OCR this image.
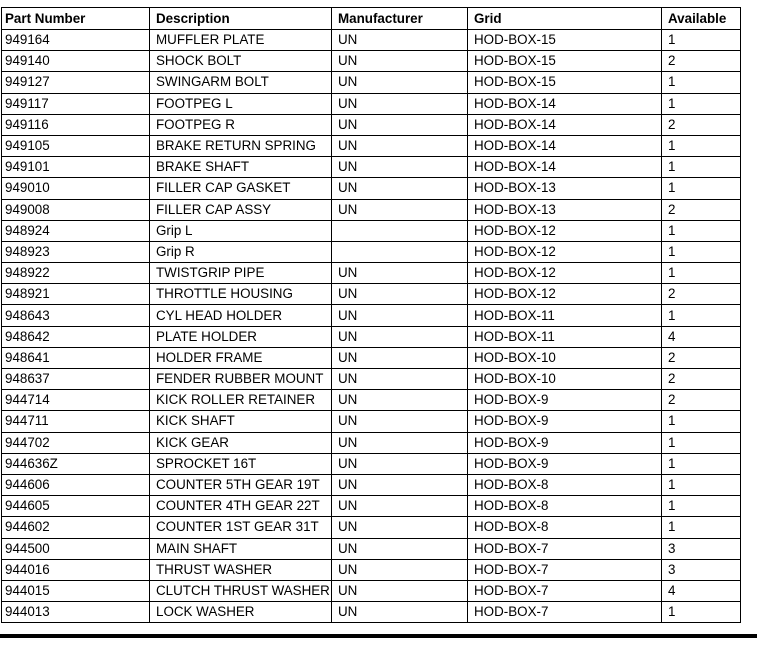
Part Number	Description	Manufacturer	Grid	Available
949164	MUFFLER PLATE	UN	HOD-BOX-15	1
949140	SHOCK BOLT	UN	HOD-BOX-15	2
949127	SWINGARM BOLT	UN	HOD-BOX-15	1
949117	FOOTPEG L	UN	HOD-BOX-14	1
949116	FOOTPEG R	UN	HOD-BOX-14	2
949105	BRAKE RETURN SPRING	UN	HOD-BOX-14	1
949101	BRAKE SHAFT	UN	HOD-BOX-14	1
949010	FILLER CAP GASKET	UN	HOD-BOX-13	1
949008	FILLER CAP ASSY	UN	HOD-BOX-13	2
948924	Grip L		HOD-BOX-12	1
948923	Grip R		HOD-BOX-12	1
948922	TWISTGRIP PIPE	UN	HOD-BOX-12	1
948921	THROTTLE HOUSING	UN	HOD-BOX-12	2
948643	CYL HEAD HOLDER	UN	HOD-BOX-11	1
948642	PLATE HOLDER	UN	HOD-BOX-11	4
948641	HOLDER FRAME	UN	HOD-BOX-10	2
948637	FENDER RUBBER MOUNT	UN	HOD-BOX-10	2
944714	KICK ROLLER RETAINER	UN	HOD-BOX-9	2
944711	KICK SHAFT	UN	HOD-BOX-9	1
944702	KICK GEAR	UN	HOD-BOX-9	1
944636Z	SPROCKET 16T	UN	HOD-BOX-9	1
944606	COUNTER 5TH GEAR 19T	UN	HOD-BOX-8	1
944605	COUNTER 4TH GEAR 22T	UN	HOD-BOX-8	1
944602	COUNTER 1ST GEAR 31T	UN	HOD-BOX-8	1
944500	MAIN SHAFT	UN	HOD-BOX-7	3
944016	THRUST WASHER	UN	HOD-BOX-7	3
944015	CLUTCH THRUST WASHER	UN	HOD-BOX-7	4
944013	LOCK WASHER	UN	HOD-BOX-7	1
